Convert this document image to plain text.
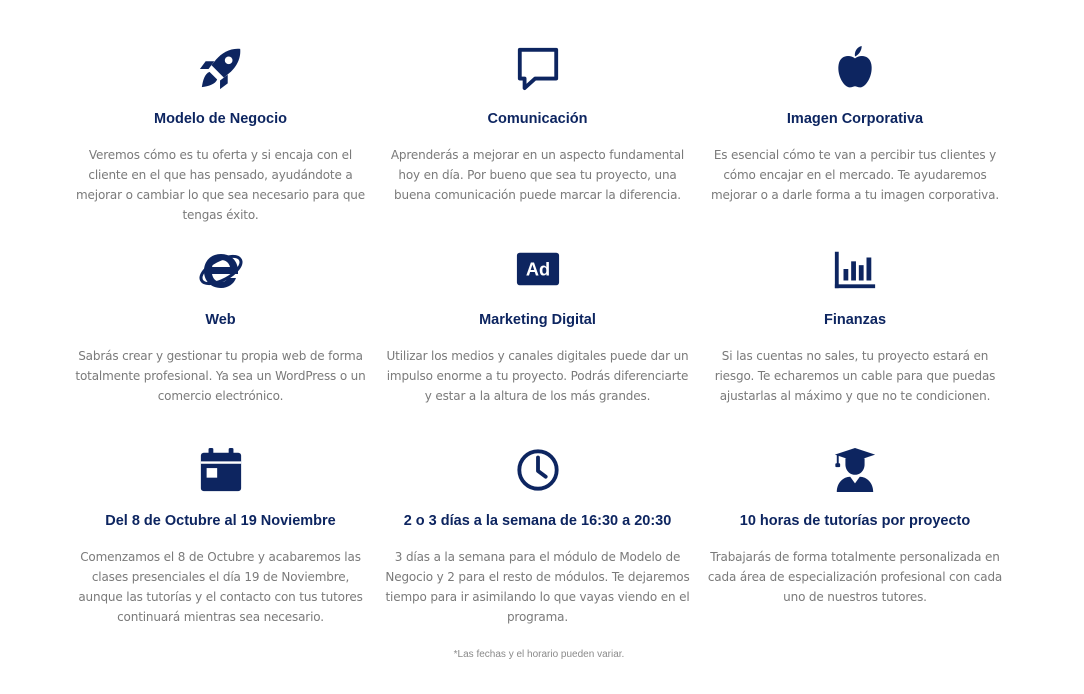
Modelo de Negocio
Veremos cómo es tu oferta y si encaja con el cliente en el que has pensado, ayudándote a mejorar o cambiar lo que sea necesario para que tengas éxito.
Comunicación
Aprenderás a mejorar en un aspecto fundamental hoy en día. Por bueno que sea tu proyecto, una buena comunicación puede marcar la diferencia.
Imagen Corporativa
Es esencial cómo te van a percibir tus clientes y cómo encajar en el mercado. Te ayudaremos mejorar o a darle forma a tu imagen corporativa.
Web
Sabrás crear y gestionar tu propia web de forma totalmente profesional. Ya sea un WordPress o un comercio electrónico.
Ad
Marketing Digital
Utilizar los medios y canales digitales puede dar un impulso enorme a tu proyecto. Podrás diferenciarte y estar a la altura de los más grandes.
Finanzas
Si las cuentas no sales, tu proyecto estará en riesgo. Te echaremos un cable para que puedas ajustarlas al máximo y que no te condicionen.
Del 8 de Octubre al 19 Noviembre
Comenzamos el 8 de Octubre y acabaremos las clases presenciales el día 19 de Noviembre, aunque las tutorías y el contacto con tus tutores continuará mientras sea necesario.
2 o 3 días a la semana de 16:30 a 20:30
3 días a la semana para el módulo de Modelo de Negocio y 2 para el resto de módulos. Te dejaremos tiempo para ir asimilando lo que vayas viendo en el programa.
10 horas de tutorías por proyecto
Trabajarás de forma totalmente personalizada en cada área de especialización profesional con cada uno de nuestros tutores.
*Las fechas y el horario pueden variar.
